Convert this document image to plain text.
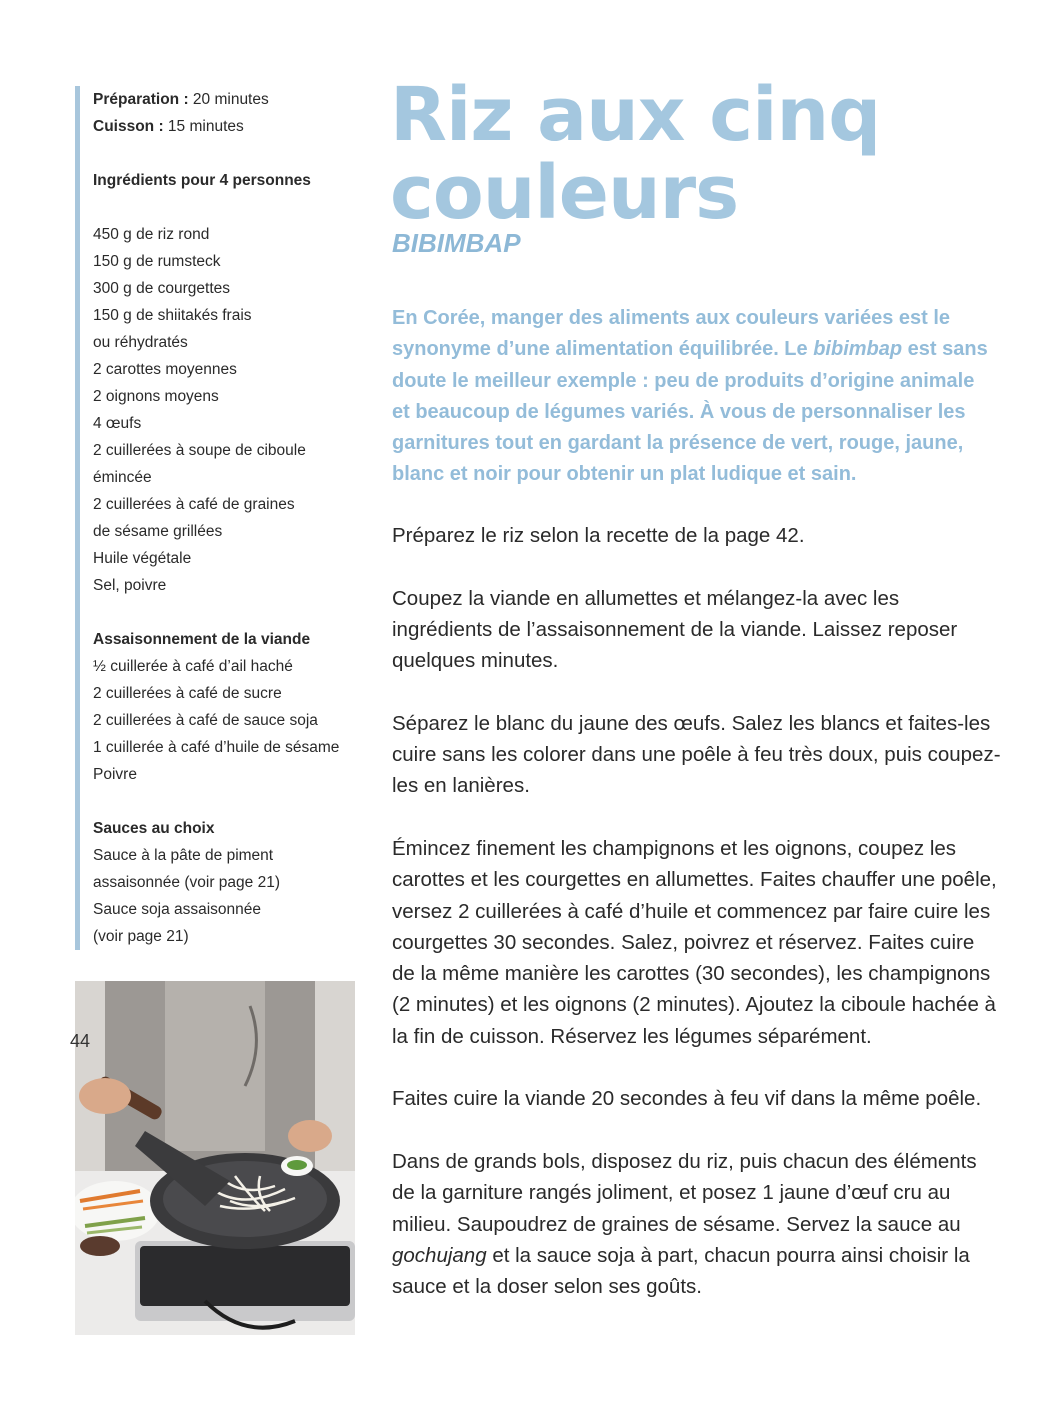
Préparation : 20 minutes
Cuisson : 15 minutes
Ingrédients pour 4 personnes
450 g de riz rond
150 g de rumsteck
300 g de courgettes
150 g de shiitakés frais
ou réhydratés
2 carottes moyennes
2 oignons moyens
4 œufs
2 cuillerées à soupe de ciboule
émincée
2 cuillerées à café de graines
de sésame grillées
Huile végétale
Sel, poivre
Assaisonnement de la viande
½ cuillerée à café d’ail haché
2 cuillerées à café de sucre
2 cuillerées à café de sauce soja
1 cuillerée à café d’huile de sésame
Poivre
Sauces au choix
Sauce à la pâte de piment
assaisonnée (voir page 21)
Sauce soja assaisonnée
(voir page 21)
Riz aux cinq couleurs
BIBIMBAP

En Corée, manger des aliments aux couleurs variées est le synonyme d’une alimentation équilibrée. Le bibimbap est sans doute le meilleur exemple : peu de produits d’origine animale et beaucoup de légumes variés. À vous de personnaliser les garnitures tout en gardant la présence de vert, rouge, jaune, blanc et noir pour obtenir un plat ludique et sain.

Préparez le riz selon la recette de la page 42.

Coupez la viande en allumettes et mélangez-la avec les ingrédients de l’assaisonnement de la viande. Laissez reposer quelques minutes.

Séparez le blanc du jaune des œufs. Salez les blancs et faites-les cuire sans les colorer dans une poêle à feu très doux, puis coupez-les en lanières.

Émincez finement les champignons et les oignons, coupez les carottes et les courgettes en allumettes. Faites chauffer une poêle, versez 2 cuillerées à café d’huile et commencez par faire cuire les courgettes 30 secondes. Salez, poivrez et réservez. Faites cuire de la même manière les carottes (30 secondes), les champignons (2 minutes) et les oignons (2 minutes). Ajoutez la ciboule hachée à la fin de cuisson. Réservez les légumes séparément.

Faites cuire la viande 20 secondes à feu vif dans la même poêle.

Dans de grands bols, disposez du riz, puis chacun des éléments de la garniture rangés joliment, et posez 1 jaune d’œuf cru au milieu. Saupoudrez de graines de sésame. Servez la sauce au gochujang et la sauce soja à part, chacun pourra ainsi choisir la sauce et la doser selon ses goûts.

44
